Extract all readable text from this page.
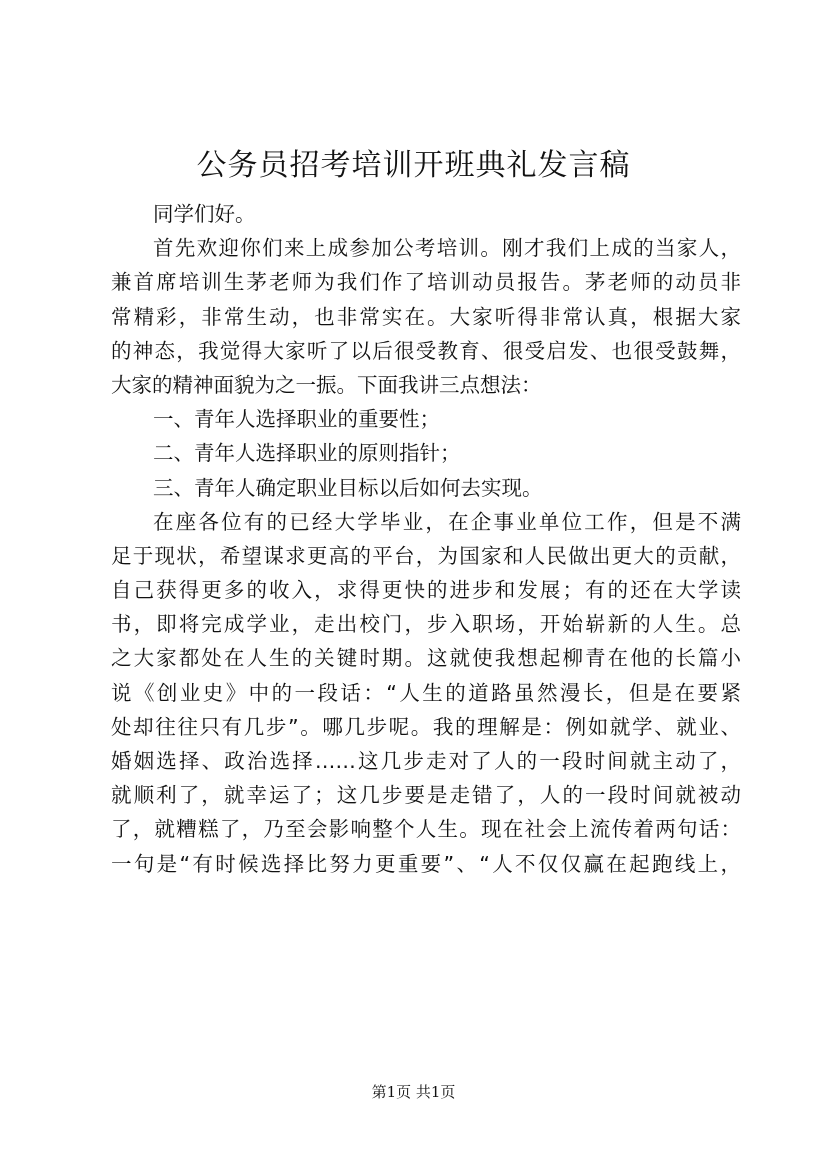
公务员招考培训开班典礼发言稿
同学们好。
首先欢迎你们来上成参加公考培训。刚才我们上成的当家人，
兼首席培训生茅老师为我们作了培训动员报告。茅老师的动员非
常精彩，非常生动，也非常实在。大家听得非常认真，根据大家
的神态，我觉得大家听了以后很受教育、很受启发、也很受鼓舞，
大家的精神面貌为之一振。下面我讲三点想法：
一、青年人选择职业的重要性；
二、青年人选择职业的原则指针；
三、青年人确定职业目标以后如何去实现。
在座各位有的已经大学毕业，在企事业单位工作，但是不满
足于现状，希望谋求更高的平台，为国家和人民做出更大的贡献，
自己获得更多的收入，求得更快的进步和发展；有的还在大学读
书，即将完成学业，走出校门，步入职场，开始崭新的人生。总
之大家都处在人生的关键时期。这就使我想起柳青在他的长篇小
说《创业史》中的一段话：“人生的道路虽然漫长，但是在要紧
处却往往只有几步”。哪几步呢。我的理解是：例如就学、就业、
婚姻选择、政治选择……这几步走对了人的一段时间就主动了，
就顺利了，就幸运了；这几步要是走错了，人的一段时间就被动
了，就糟糕了，乃至会影响整个人生。现在社会上流传着两句话：
一句是“有时候选择比努力更重要”、“人不仅仅赢在起跑线上，
第1页 共1页
